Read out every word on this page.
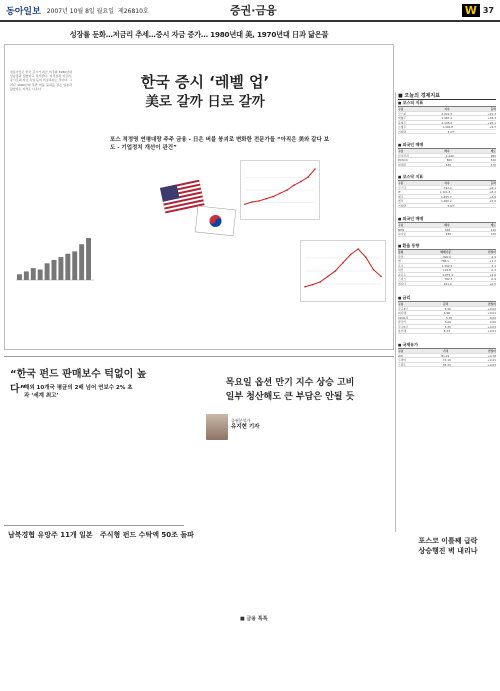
동아일보 2007년 10월 8일 월요일 제26810호	증권·금융	W 37
성장률 둔화…저금리 추세…증시 자금 증가… 1980년대 美, 1970년대 日과 닮은꼴
전문가들은 한국 증시가 지금 미국의 1980년대 상승장과 닮았다고 분석한다. 저성장과 저금리, 증시로의 자금 유입 등이 비슷하다는 것이다. 그러나 1980년대 후반 버블 붕괴를 겪은 일본과 닮았다는 지적도 나온다.	한국 증시 ‘레벨 업’
美로 갈까 日로 갈까
포스 적정영 연평대랑 주주 금융 - 日은 버블 붕괴로 변화한 전문가들 “아직은 美와 같다 보도 - 기업정치 개선이 관건”
“한국 펀드 판매보수 턱없이 높다”
해외 10개국 평균의 2배 넘어 연보수 2% 초과 ‘세계 최고’
남북경협 유망주 11개 일본 주식형 펀드 수탁액 50조 돌파
목요일 옵션 만기 지수 상승 고비
일부 청산해도 큰 부담은 안될 듯
증권분석가
유지현 기자
■ 금융 톡톡
■ 오늘의 경제지표
■ 코스피 지표
구분	지수	등락
코스피	2,021.5	+21.3
대형주	1,987.2	+18.4
중형주	2,145.6	+25.1
소형주	1,302.8	+9.7
거래량	3.2억
■ 외국인 매매
구분	매수	매도
삼성전자	1,240	980
POSCO	860	610
현대차	530	470
■ 코스닥 지표
구분	지수	등락
코스닥	792.4	+6.1
IT	1,101.3	+8.2
제조	1,455.7	+3.9
벤처	1,260.2	+5.0
거래량	5.8억
■ 외국인 매매
구분	매수	매도
NHN	320	210
하나로	180	140
■ 환율 동향
통화	매매기준	전일비
달러	920.6	-2.4
엔	786.1	+1.2
유로	1,302.5	-3.1
위안	122.8	-0.3
파운드	1,875.4	+4.6
스위스	782.3	-0.9
캐나다	931.0	+0.5
■ 금리
구분	금리	전일비
국고3년	5.30	+0.02
회사채	5.98	+0.01
CD91일	5.35	0.00
콜금리	5.00	0.00
국고5년	5.35	+0.03
통안채	5.24	+0.01
■ 국제유가
구분	가격	전일비
WTI	81.22	+0.78
두바이	74.10	+0.41
브렌트	78.33	+0.63
포스코 이틀째 급락
상승행진 벽 내리나
